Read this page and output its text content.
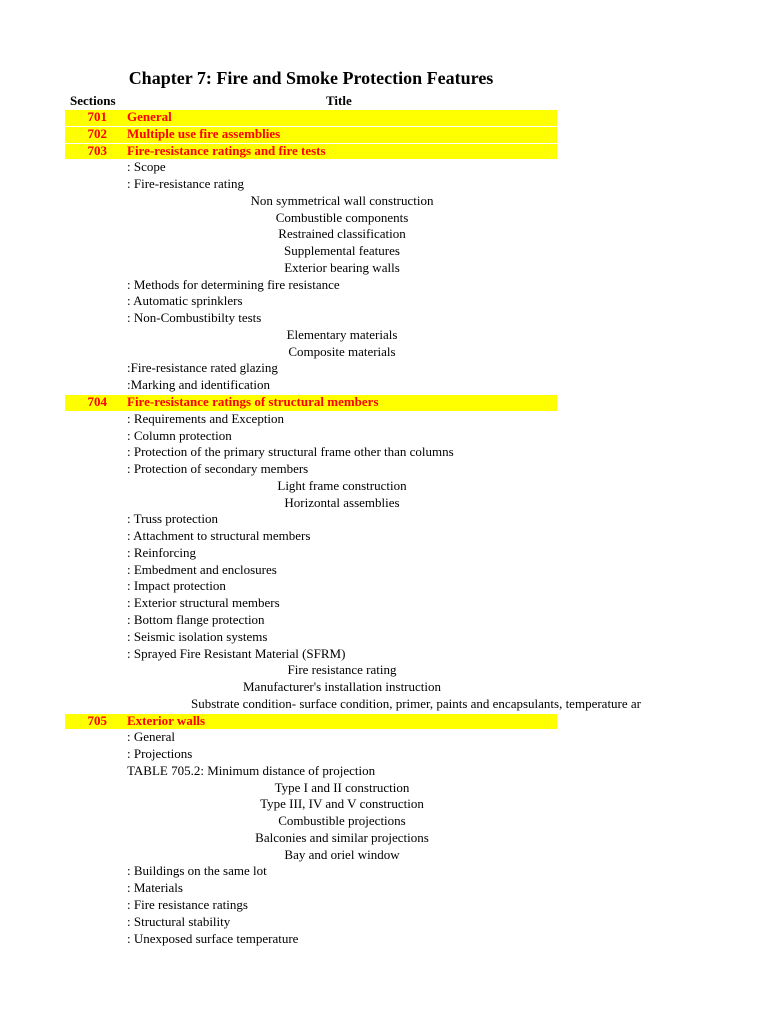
Chapter 7: Fire and Smoke Protection Features
Sections	Title
701 General
702 Multiple use fire assemblies
703 Fire-resistance ratings and fire tests
: Scope
: Fire-resistance rating
Non symmetrical wall construction
Combustible components
Restrained classification
Supplemental features
Exterior bearing walls
: Methods for determining fire resistance
: Automatic sprinklers
: Non-Combustibilty tests
Elementary materials
Composite materials
:Fire-resistance rated glazing
:Marking and identification
704 Fire-resistance ratings of structural members
: Requirements and Exception
: Column protection
: Protection of the primary structural frame other than columns
: Protection of secondary members
Light frame construction
Horizontal assemblies
: Truss protection
: Attachment to structural members
: Reinforcing
: Embedment and enclosures
: Impact protection
: Exterior structural members
: Bottom flange protection
: Seismic isolation systems
: Sprayed Fire Resistant Material (SFRM)
Fire resistance rating
Manufacturer's installation instruction
Substrate condition- surface condition, primer, paints and encapsulants, temperature ar
705 Exterior walls
: General
: Projections
TABLE 705.2: Minimum distance of projection
Type I and II construction
Type III, IV and V construction
Combustible projections
Balconies and similar projections
Bay and oriel window
: Buildings on the same lot
: Materials
: Fire resistance ratings
: Structural stability
: Unexposed surface temperature
